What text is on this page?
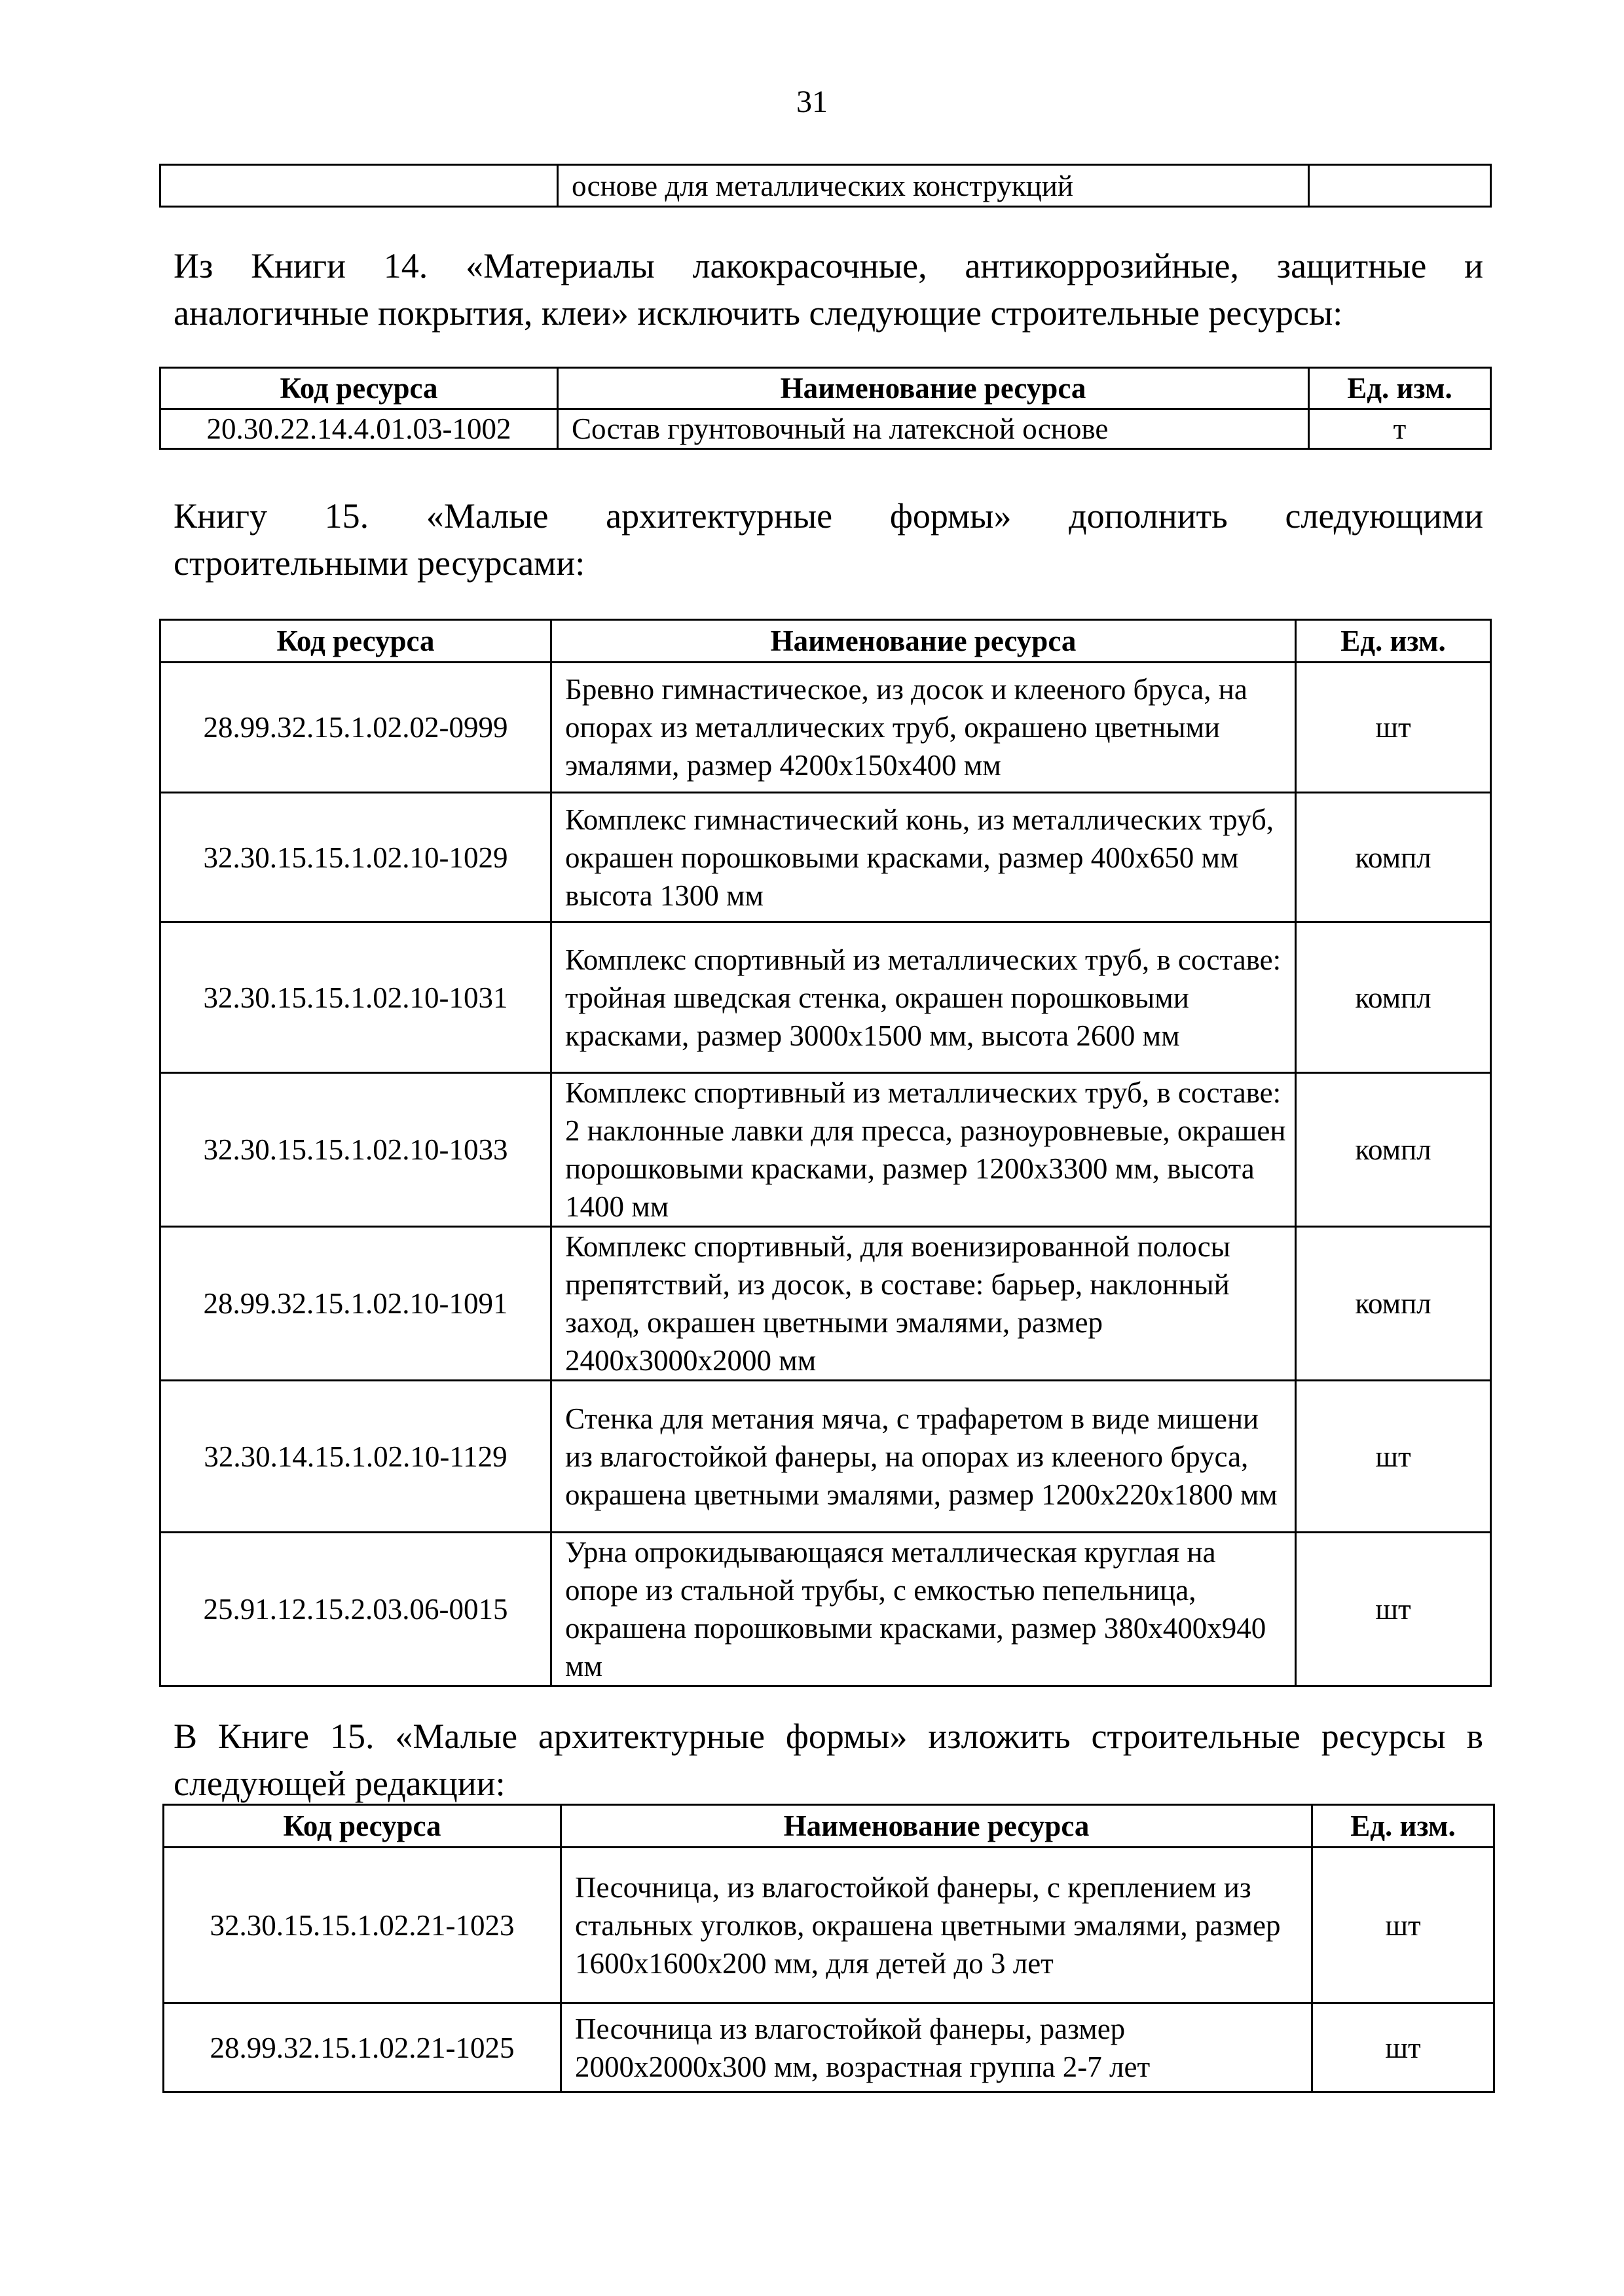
31
	основе для металлических конструкций	
Из Книги 14. «Материалы лакокрасочные, антикоррозийные, защитные и
аналогичные покрытия, клеи» исключить следующие строительные ресурсы:
Код ресурса	Наименование ресурса	Ед. изм.
20.30.22.14.4.01.03-1002	Состав грунтовочный на латексной основе	т
Книгу 15. «Малые архитектурные формы» дополнить следующими
строительными ресурсами:
Код ресурса	Наименование ресурса	Ед. изм.
28.99.32.15.1.02.02-0999	Бревно гимнастическое, из досок и клееного бруса, на опорах из металлических труб, окрашено цветными эмалями, размер 4200х150х400 мм	шт
32.30.15.15.1.02.10-1029	Комплекс гимнастический конь, из металлических труб, окрашен порошковыми красками, размер 400х650 мм высота 1300 мм	компл
32.30.15.15.1.02.10-1031	Комплекс спортивный из металлических труб, в составе: тройная шведская стенка, окрашен порошковыми красками, размер 3000х1500 мм, высота 2600 мм	компл
32.30.15.15.1.02.10-1033	Комплекс спортивный из металлических труб, в составе: 2 наклонные лавки для пресса, разноуровневые, окрашен порошковыми красками, размер 1200х3300 мм, высота 1400 мм	компл
28.99.32.15.1.02.10-1091	Комплекс спортивный, для военизированной полосы препятствий, из досок, в составе: барьер, наклонный заход, окрашен цветными эмалями, размер 2400х3000х2000 мм	компл
32.30.14.15.1.02.10-1129	Стенка для метания мяча, с трафаретом в виде мишени из влагостойкой фанеры, на опорах из клееного бруса, окрашена цветными эмалями, размер 1200х220х1800 мм	шт
25.91.12.15.2.03.06-0015	Урна опрокидывающаяся металлическая круглая на опоре из стальной трубы, с емкостью пепельница, окрашена порошковыми красками, размер 380х400х940 мм	шт
В Книге 15. «Малые архитектурные формы» изложить строительные ресурсы в
следующей редакции:
Код ресурса	Наименование ресурса	Ед. изм.
32.30.15.15.1.02.21-1023	Песочница, из влагостойкой фанеры, с креплением из стальных уголков, окрашена цветными эмалями, размер 1600х1600х200 мм, для детей до 3 лет	шт
28.99.32.15.1.02.21-1025	Песочница из влагостойкой фанеры, размер 2000х2000х300 мм, возрастная группа 2-7 лет	шт
